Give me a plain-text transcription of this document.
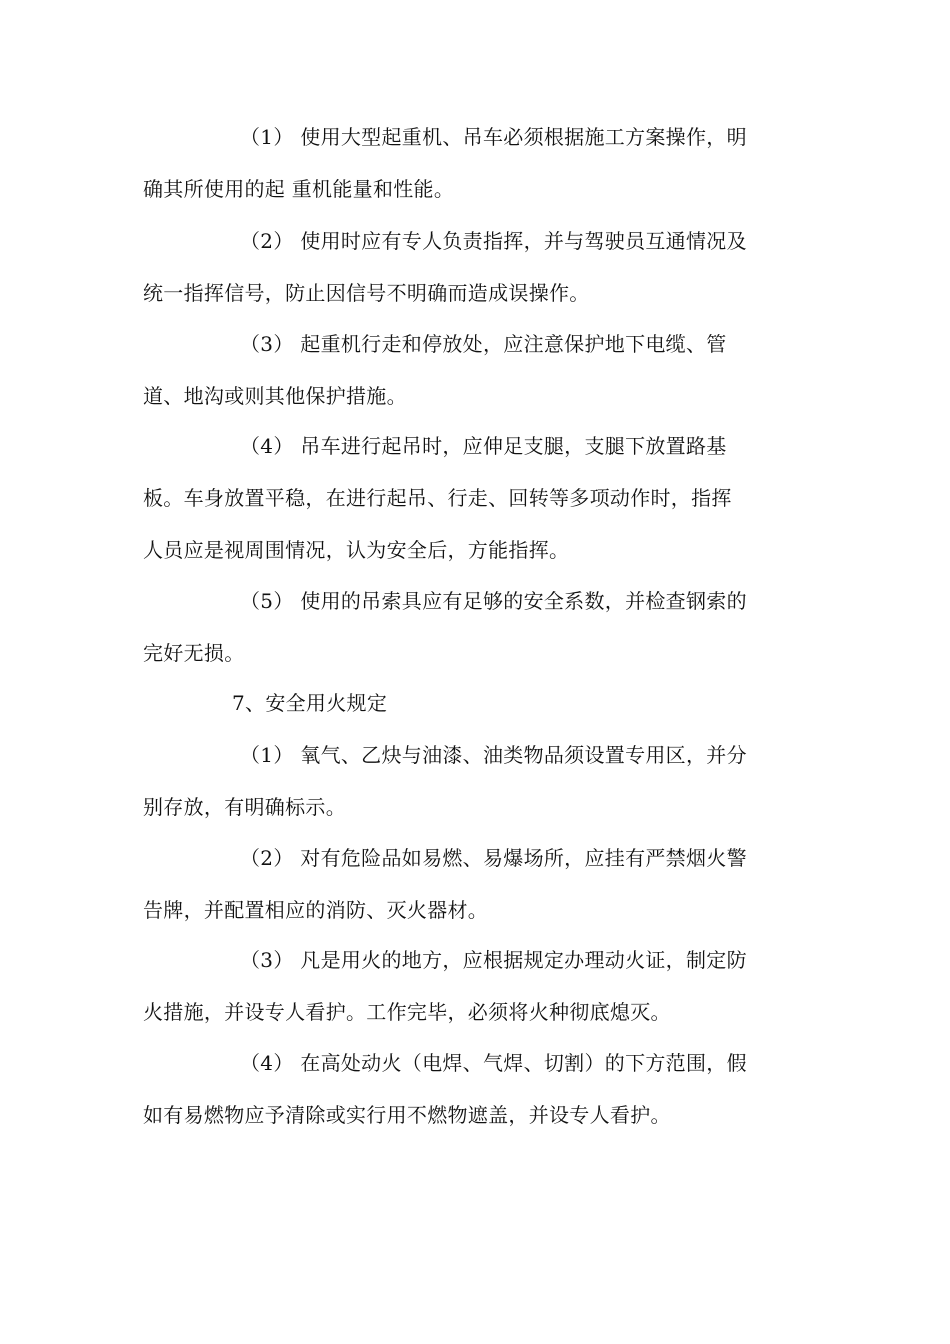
（1） 使用大型起重机、吊车必须根据施工方案操作，明
确其所使用的起 重机能量和性能。
（2） 使用时应有专人负责指挥，并与驾驶员互通情况及
统一指挥信号，防止因信号不明确而造成误操作。
（3） 起重机行走和停放处，应注意保护地下电缆、管
道、地沟或则其他保护措施。
（4） 吊车进行起吊时，应伸足支腿，支腿下放置路基
板。车身放置平稳，在进行起吊、行走、回转等多项动作时，指挥
人员应是视周围情况，认为安全后，方能指挥。
（5） 使用的吊索具应有足够的安全系数，并检查钢索的
完好无损。
7、安全用火规定
（1） 氧气、乙炔与油漆、油类物品须设置专用区，并分
别存放，有明确标示。
（2） 对有危险品如易燃、易爆场所，应挂有严禁烟火警
告牌，并配置相应的消防、灭火器材。
（3） 凡是用火的地方，应根据规定办理动火证，制定防
火措施，并设专人看护。工作完毕，必须将火种彻底熄灭。
（4） 在高处动火（电焊、气焊、切割）的下方范围，假
如有易燃物应予清除或实行用不燃物遮盖，并设专人看护。
